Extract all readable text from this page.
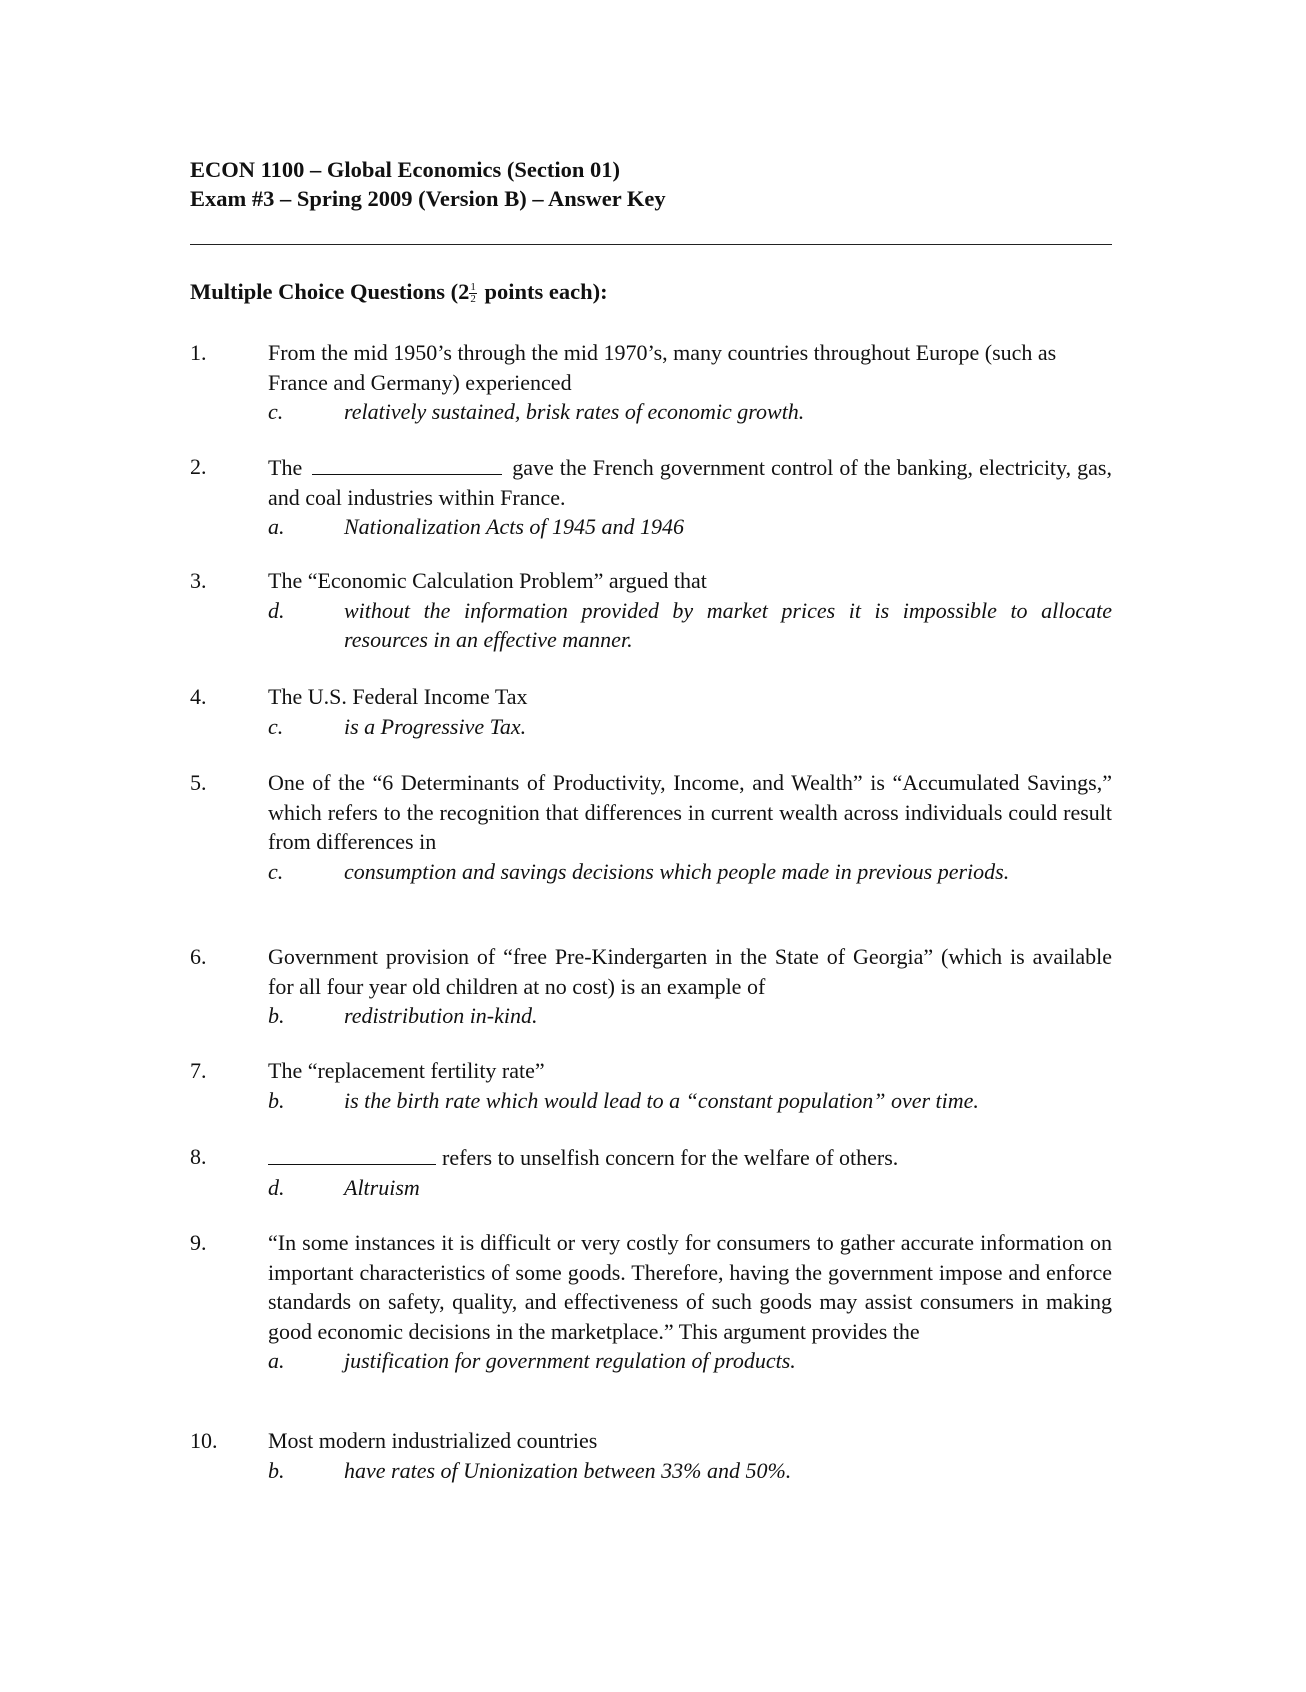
ECON 1100 – Global Economics (Section 01)
Exam #3 – Spring 2009 (Version B) – Answer Key
Multiple Choice Questions ($2 \frac{1}{2}$ points each):
1.	From the mid 1950’s through the mid 1970’s, many countries throughout Europe (such as France and Germany) experienced
c.	relatively sustained, brisk rates of economic growth.
2.	The	gave the French government control of the banking, electricity, gas, and coal industries within France.
a.	Nationalization Acts of 1945 and 1946
3.	The “Economic Calculation Problem” argued that
d.	without the information provided by market prices it is impossible to allocate resources in an effective manner.
4.	The U.S. Federal Income Tax
c.	is a Progressive Tax.
5.	One of the “6 Determinants of Productivity, Income, and Wealth” is “Accumulated Savings,” which refers to the recognition that differences in current wealth across individuals could result from differences in
c.	consumption and savings decisions which people made in previous periods.
6.	Government provision of “free Pre-Kindergarten in the State of Georgia” (which is available for all four year old children at no cost) is an example of
b.	redistribution in-kind.
7.	The “replacement fertility rate”
b.	is the birth rate which would lead to a “constant population” over time.
8.	refers to unselfish concern for the welfare of others.
d.	Altruism
9.	“In some instances it is difficult or very costly for consumers to gather accurate information on important characteristics of some goods. Therefore, having the government impose and enforce standards on safety, quality, and effectiveness of such goods may assist consumers in making good economic decisions in the marketplace.” This argument provides the
a.	justification for government regulation of products.
10.	Most modern industrialized countries
b.	have rates of Unionization between 33% and 50%.
